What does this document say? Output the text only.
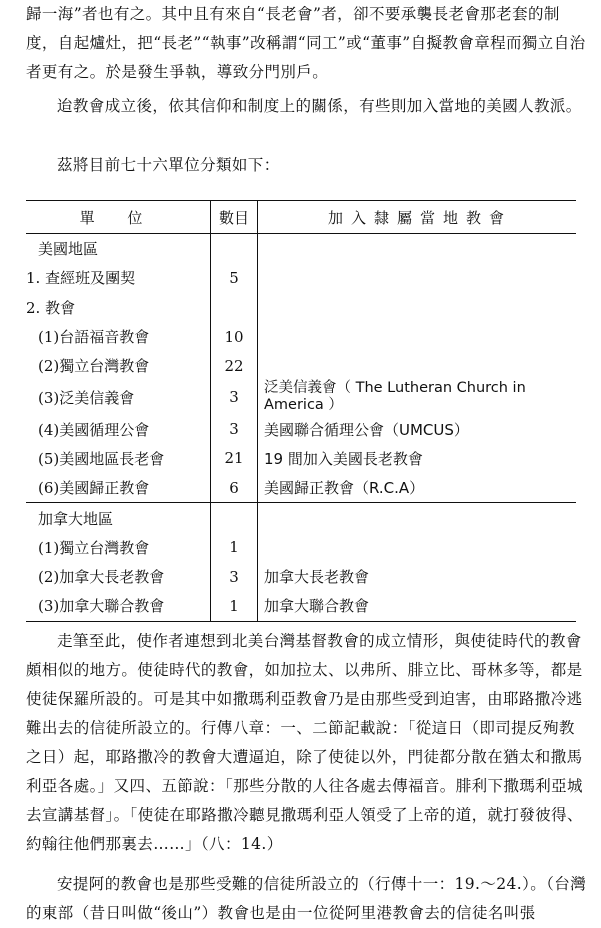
歸一海”者也有之。其中且有來自“長老會”者，卻不要承襲長老會那老套的制度，自起爐灶，把“長老”“執事”改稱謂“同工”或“董事”自擬教會章程而獨立自治者更有之。於是發生爭執，導致分門別戶。

迨教會成立後，依其信仰和制度上的關係，有些則加入當地的美國人教派。

茲將目前七十六單位分類如下：

單 位	數目	加入隸屬當地教會
美國地區		
1. 查經班及團契	5	
2. 教會		
(1)台語福音教會	10	
(2)獨立台灣教會	22	
(3)泛美信義會	3	泛美信義會（ The Lutheran Church in America ）

(4)美國循理公會	3	美國聯合循理公會（UMCUS）
(5)美國地區長老會	21	19 間加入美國長老教會
(6)美國歸正教會	6	美國歸正教會（R.C.A）
加拿大地區		
(1)獨立台灣教會	1	
(2)加拿大長老教會	3	加拿大長老教會
(3)加拿大聯合教會	1	加拿大聯合教會

走筆至此，使作者連想到北美台灣基督教會的成立情形，與使徒時代的教會頗相似的地方。使徒時代的教會，如加拉太、以弗所、腓立比、哥林多等，都是使徒保羅所設的。可是其中如撒瑪利亞教會乃是由那些受到迫害，由耶路撒冷逃難出去的信徒所設立的。行傳八章：一、二節記載說：「從這日（即司提反殉教之日）起，耶路撒冷的教會大遭逼迫，除了使徒以外，門徒都分散在猶太和撒馬利亞各處。」又四、五節說：「那些分散的人往各處去傳福音。腓利下撒瑪利亞城去宣講基督」。「使徒在耶路撒冷聽見撒瑪利亞人領受了上帝的道，就打發彼得、約翰往他們那裏去……」（八：14.）

安提阿的教會也是那些受難的信徒所設立的（行傳十一：19.～24.）。（台灣的東部（昔日叫做“後山”）教會也是由一位從阿里港教會去的信徒名叫張
